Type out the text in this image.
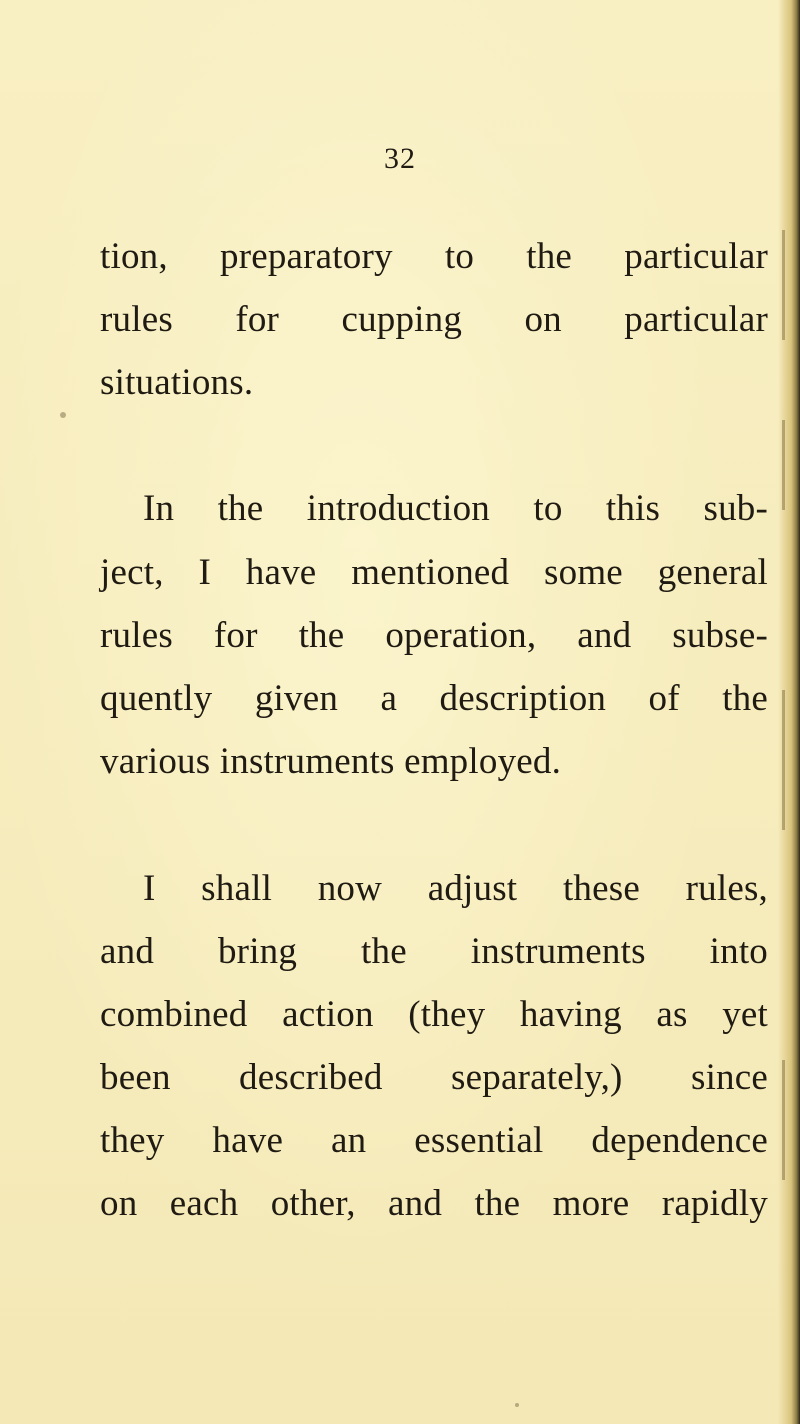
32
tion, preparatory to the particular
rules for cupping on particular
situations.
In the introduction to this sub-
ject, I have mentioned some general
rules for the operation, and subse-
quently given a description of the
various instruments employed.
I shall now adjust these rules,
and bring the instruments into
combined action (they having as yet
been described separately,) since
they have an essential dependence
on each other, and the more rapidly
